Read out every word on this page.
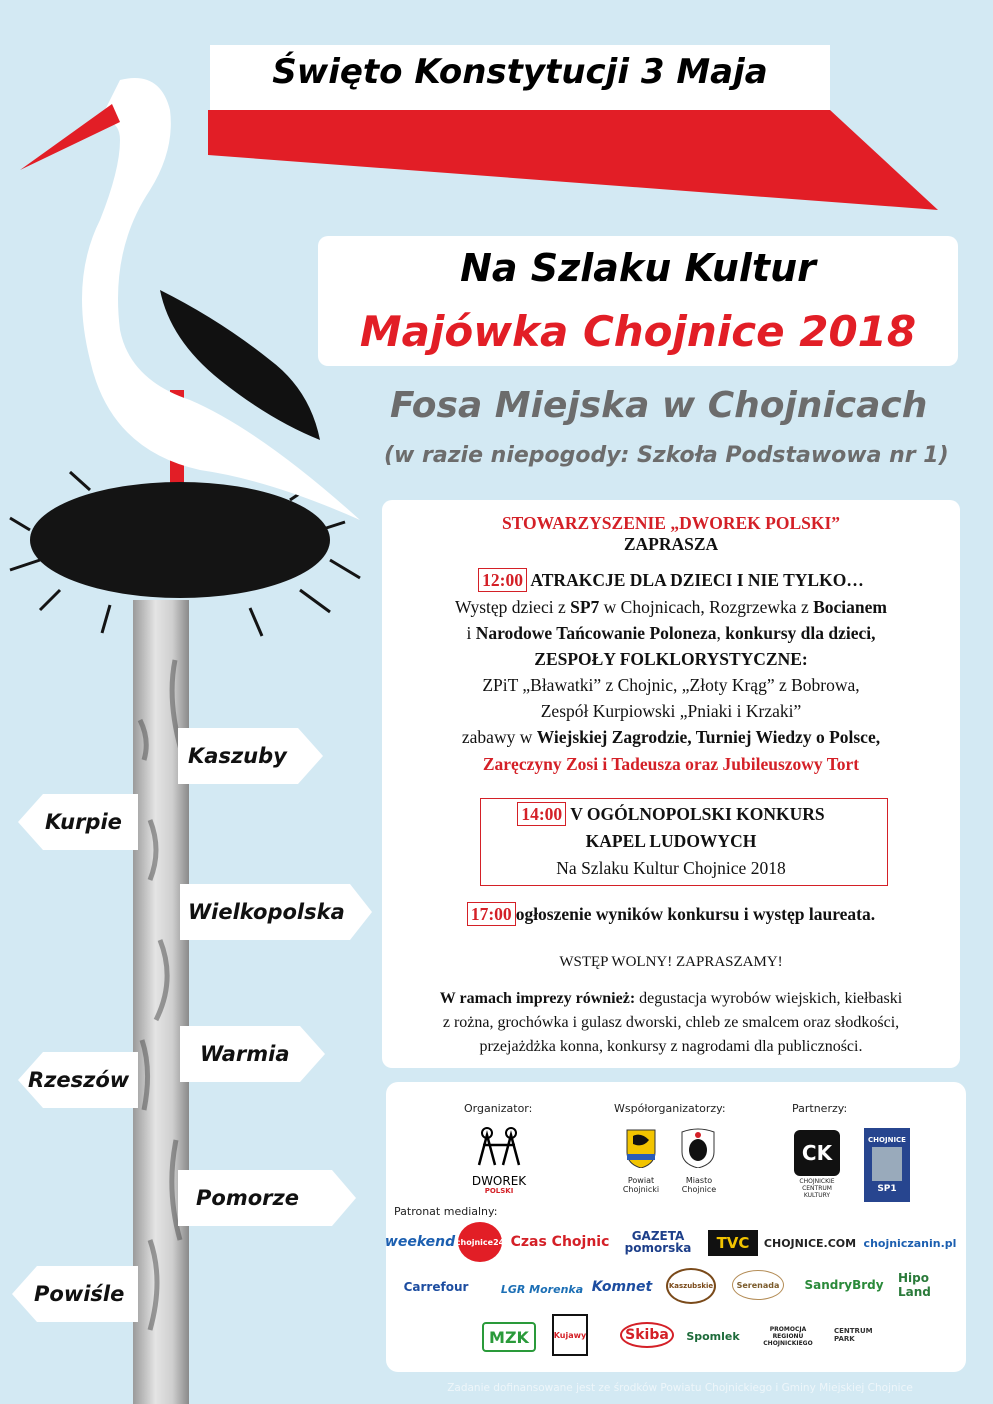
Święto Konstytucji 3 Maja
Na Szlaku Kultur
Majówka Chojnice 2018
Fosa Miejska w Chojnicach
(w razie niepogody: Szkoła Podstawowa nr 1)
Kaszuby
Kurpie
Wielkopolska
Warmia
Rzeszów
Pomorze
Powiśle
STOWARZYSZENIE „DWOREK POLSKI”
ZAPRASZA
12:00 ATRAKCJE DLA DZIECI I NIE TYLKO…
Występ dzieci z SP7 w Chojnicach, Rozgrzewka z Bocianem
i Narodowe Tańcowanie Poloneza, konkursy dla dzieci,
ZESPOŁY FOLKLORYSTYCZNE:
ZPiT „Bławatki” z Chojnic, „Złoty Krąg” z Bobrowa,
Zespół Kurpiowski „Pniaki i Krzaki”
zabawy w Wiejskiej Zagrodzie, Turniej Wiedzy o Polsce,
Zaręczyny Zosi i Tadeusza oraz Jubileuszowy Tort
14:00 V OGÓLNOPOLSKI KONKURS
KAPEL LUDOWYCH
Na Szlaku Kultur Chojnice 2018
17:00 ogłoszenie wyników konkursu i występ laureata.
WSTĘP WOLNY! ZAPRASZAMY!
W ramach imprezy również: degustacja wyrobów wiejskich, kiełbaski
z rożna, grochówka i gulasz dworski, chleb ze smalcem oraz słodkości,
przejażdżka konna, konkursy z nagrodami dla publiczności.
Organizator:	Współorganizatorzy:	Partnerzy:
DWOREK
POLSKI
Powiat
Chojnicki
Miasto
Chojnice
CK
CHOJNICKIE
CENTRUM
KULTURY
CHOJNICE
SP1
Patronat medialny:
weekend chojnice24 Czas Chojnic	GAZETA pomorska	TVC	CHOJNICE.COM chojniczanin.pl
Carrefour	LGR Morenka Komnet	Kaszubskie	Serenada	SandryBrdy Hipo Land
MZK	Kujawy	Skiba	Spomlek
PROMOCJA REGIONU CHOJNICKIEGO
CENTRUM PARK
Zadanie dofinansowane jest ze środków Powiatu Chojnickiego i Gminy Miejskiej Chojnice
